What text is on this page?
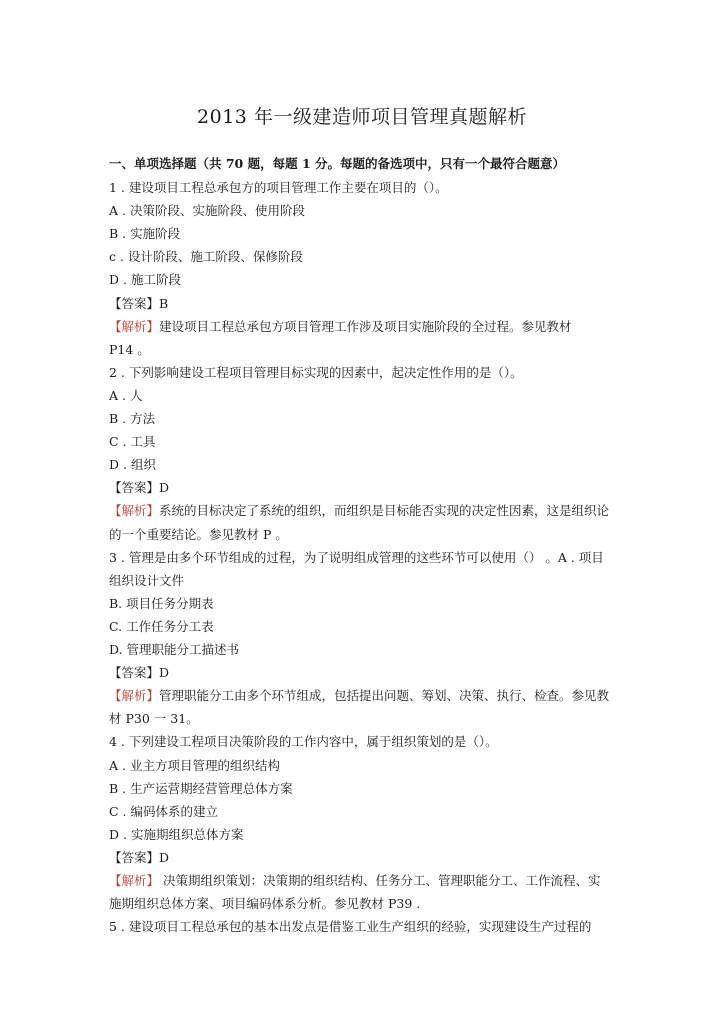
2013 年一级建造师项目管理真题解析
一、单项选择题（共 70 题，每题 1 分。每题的备选项中，只有一个最符合题意）
1 . 建设项目工程总承包方的项目管理工作主要在项目的（）。
A . 决策阶段、实施阶段、使用阶段
B . 实施阶段
c . 设计阶段、施工阶段、保修阶段
D . 施工阶段
【答案】B
【解析】建设项目工程总承包方项目管理工作涉及项目实施阶段的全过程。参见教材
P14 。
2 . 下列影响建设工程项目管理目标实现的因素中，起决定性作用的是（）。
A . 人
B . 方法
C . 工具
D . 组织
【答案】D
【解析】系统的目标决定了系统的组织，而组织是目标能否实现的决定性因素，这是组织论
的一个重要结论。参见教材 P 。
3 . 管理是由多个环节组成的过程，为了说明组成管理的这些环节可以使用（） 。A . 项目
组织设计文件
B. 项目任务分期表
C. 工作任务分工表
D. 管理职能分工描述书
【答案】D
【解析】管理职能分工由多个环节组成，包括提出问题、筹划、决策、执行、检查。参见教
材 P30 一 31。
4 . 下列建设工程项目决策阶段的工作内容中，属于组织策划的是（）。
A . 业主方项目管理的组织结构
B . 生产运营期经营管理总体方案
C . 编码体系的建立
D . 实施期组织总体方案
【答案】D
【解析】 决策期组织策划：决策期的组织结构、任务分工、管理职能分工、工作流程、实
施期组织总体方案、项目编码体系分析。参见教材 P39 .
5 . 建设项目工程总承包的基本出发点是借鉴工业生产组织的经验，实现建设生产过程的
